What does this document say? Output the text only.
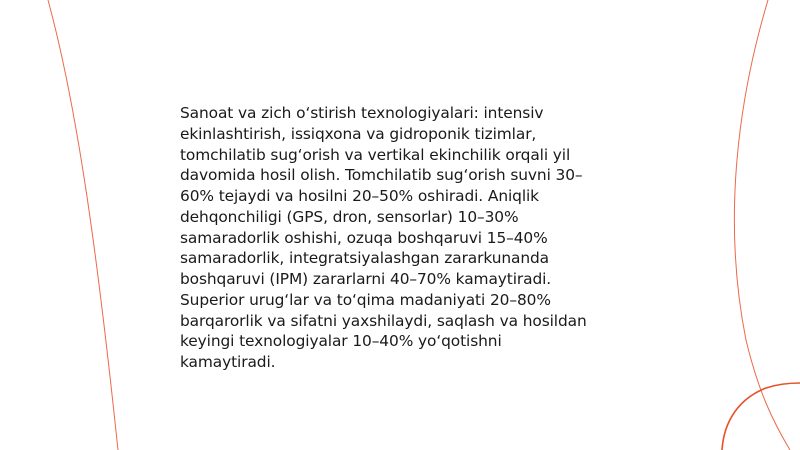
Sanoat va zich o‘stirish texnologiyalari: intensiv
ekinlashtirish, issiqxona va gidroponik tizimlar,
tomchilatib sug‘orish va vertikal ekinchilik orqali yil
davomida hosil olish. Tomchilatib sug‘orish suvni 30–
60% tejaydi va hosilni 20–50% oshiradi. Aniqlik
dehqonchiligi (GPS, dron, sensorlar) 10–30%
samaradorlik oshishi, ozuqa boshqaruvi 15–40%
samaradorlik, integratsiyalashgan zararkunanda
boshqaruvi (IPM) zararlarni 40–70% kamaytiradi.
Superior urug‘lar va to‘qima madaniyati 20–80%
barqarorlik va sifatni yaxshilaydi, saqlash va hosildan
keyingi texnologiyalar 10–40% yo‘qotishni
kamaytiradi.
